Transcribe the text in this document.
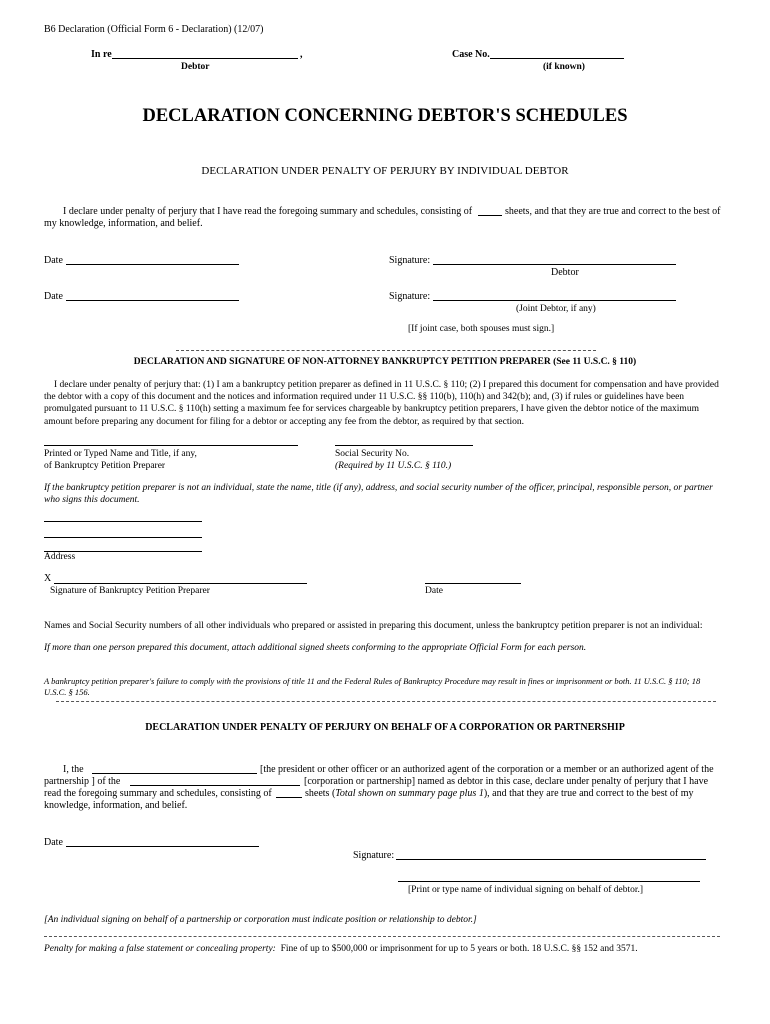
B6 Declaration (Official Form 6 - Declaration) (12/07)
In re	,
Debtor
Case No.
(if known)
DECLARATION CONCERNING DEBTOR'S SCHEDULES
DECLARATION UNDER PENALTY OF PERJURY BY INDIVIDUAL DEBTOR
I declare under penalty of perjury that I have read the foregoing summary and schedules, consisting of	sheets, and that they are true and correct to the best of
my knowledge, information, and belief.
Date	Signature:
Debtor
Date	Signature:
(Joint Debtor, if any)
[If joint case, both spouses must sign.]
DECLARATION AND SIGNATURE OF NON-ATTORNEY BANKRUPTCY PETITION PREPARER (See 11 U.S.C. § 110)
I declare under penalty of perjury that: (1) I am a bankruptcy petition preparer as defined in 11 U.S.C. § 110; (2) I prepared this document for compensation and have provided the debtor with a copy of this document and the notices and information required under 11 U.S.C. §§ 110(b), 110(h) and 342(b); and, (3) if rules or guidelines have been promulgated pursuant to 11 U.S.C. § 110(h) setting a maximum fee for services chargeable by bankruptcy petition preparers, I have given the debtor notice of the maximum amount before preparing any document for filing for a debtor or accepting any fee from the debtor, as required by that section.
Printed or Typed Name and Title, if any,
of Bankruptcy Petition Preparer
Social Security No.
(Required by 11 U.S.C. § 110.)
If the bankruptcy petition preparer is not an individual, state the name, title (if any), address, and social security number of the officer, principal, responsible person, or partner who signs this document.
Address
X
Signature of Bankruptcy Petition Preparer	Date
Names and Social Security numbers of all other individuals who prepared or assisted in preparing this document, unless the bankruptcy petition preparer is not an individual:
If more than one person prepared this document, attach additional signed sheets conforming to the appropriate Official Form for each person.
A bankruptcy petition preparer's failure to comply with the provisions of title 11 and the Federal Rules of Bankruptcy Procedure may result in fines or imprisonment or both. 11 U.S.C. § 110; 18 U.S.C. § 156.
DECLARATION UNDER PENALTY OF PERJURY ON BEHALF OF A CORPORATION OR PARTNERSHIP
I, the	[the president or other officer or an authorized agent of the corporation or a member or an authorized agent of the
partnership ] of the	[corporation or partnership] named as debtor in this case, declare under penalty of perjury that I have
read the foregoing summary and schedules, consisting of	sheets (Total shown on summary page plus 1), and that they are true and correct to the best of my
knowledge, information, and belief.
Date
Signature:
[Print or type name of individual signing on behalf of debtor.]
[An individual signing on behalf of a partnership or corporation must indicate position or relationship to debtor.]
Penalty for making a false statement or concealing property: Fine of up to $500,000 or imprisonment for up to 5 years or both. 18 U.S.C. §§ 152 and 3571.
